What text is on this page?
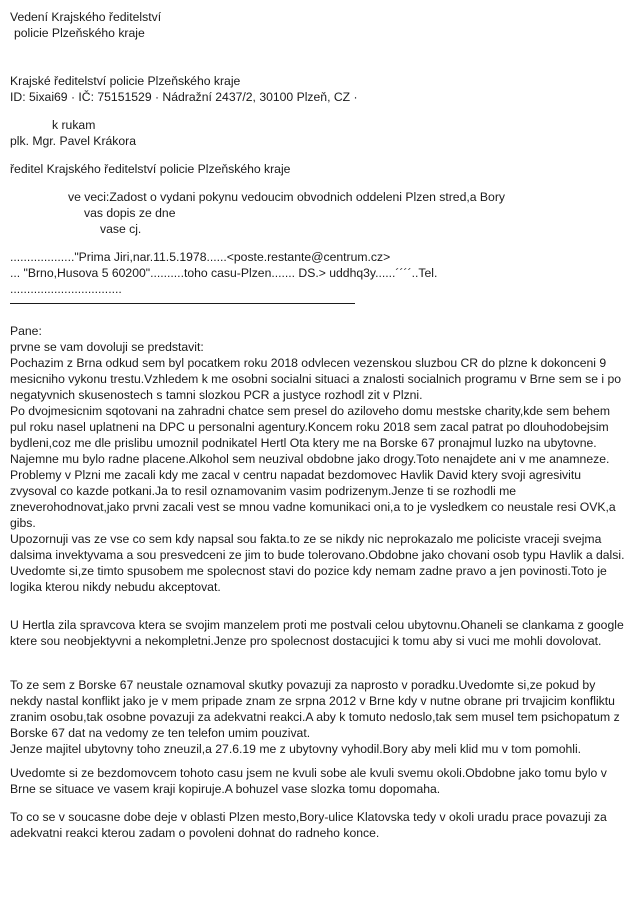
Vedení Krajského ředitelství
policie Plzeňského kraje
Krajské ředitelství policie Plzeňského kraje
ID: 5ixai69 · IČ: 75151529 · Nádražní 2437/2, 30100 Plzeň, CZ ·
k rukam
plk. Mgr. Pavel Krákora
ředitel Krajského ředitelství policie Plzeňského kraje
ve veci:Zadost o vydani pokynu vedoucim obvodnich oddeleni Plzen stred,a Bory
vas dopis ze dne
vase cj.
..................."Prima Jiri,nar.11.5.1978......<poste.restante@centrum.cz>
... "Brno,Husova 5 60200"..........toho casu-Plzen....... DS.> uddhq3y......´´´´..Tel.
.................................
Pane:
prvne se vam dovoluji se predstavit:
Pochazim z Brna odkud sem byl pocatkem roku 2018 odvlecen vezenskou sluzbou CR do plzne k dokonceni 9 mesicniho vykonu trestu.Vzhledem k me osobni socialni situaci a znalosti socialnich programu v Brne sem se i po negatyvnich skusenostech s tamni slozkou PCR a justyce rozhodl zit v Plzni.
Po dvojmesicnim sqotovani na zahradni chatce sem presel do aziloveho domu mestske charity,kde sem behem pul roku nasel uplatneni na DPC u personalni agentury.Koncem roku 2018 sem zacal patrat po dlouhodobejsim bydleni,coz me dle prislibu umoznil podnikatel Hertl Ota ktery me na Borske 67 pronajmul luzko na ubytovne.
Najemne mu bylo radne placene.Alkohol sem neuzival obdobne jako drogy.Toto nenajdete ani v me anamneze.
Problemy v Plzni me zacali kdy me zacal v centru napadat bezdomovec Havlik David ktery svoji agresivitu zvysoval co kazde potkani.Ja to resil oznamovanim vasim podrizenym.Jenze ti se rozhodli me zneverohodnovat,jako prvni zacali vest se mnou vadne komunikaci oni,a to je vysledkem co neustale resi OVK,a gibs.
Upozornuji vas ze vse co sem kdy napsal sou fakta.to ze se nikdy nic neprokazalo me policiste vraceji svejma dalsima invektyvama a sou presvedceni ze jim to bude tolerovano.Obdobne jako chovani osob typu Havlik a dalsi.
Uvedomte si,ze timto spusobem me spolecnost stavi do pozice kdy nemam zadne pravo a jen povinosti.Toto je logika kterou nikdy nebudu akceptovat.
U Hertla zila spravcova ktera se svojim manzelem proti me postvali celou ubytovnu.Ohaneli se clankama z google ktere sou neobjektyvni a nekompletni.Jenze pro spolecnost dostacujici k tomu aby si vuci me mohli dovolovat.
To ze sem z Borske 67 neustale oznamoval skutky povazuji za naprosto v poradku.Uvedomte si,ze pokud by nekdy nastal konflikt jako je v mem pripade znam ze srpna 2012 v Brne kdy v nutne obrane pri trvajicim konfliktu zranim osobu,tak osobne povazuji za adekvatni reakci.A aby k tomuto nedoslo,tak sem musel tem psichopatum z Borske 67 dat na vedomy ze ten telefon umim pouzivat.
Jenze majitel ubytovny toho zneuzil,a 27.6.19 me z ubytovny vyhodil.Bory aby meli klid mu v tom pomohli.
Uvedomte si ze bezdomovcem tohoto casu jsem ne kvuli sobe ale kvuli svemu okoli.Obdobne jako tomu bylo v Brne se situace ve vasem kraji kopiruje.A bohuzel vase slozka tomu dopomaha.
To co se v soucasne dobe deje v oblasti Plzen mesto,Bory-ulice Klatovska tedy v okoli uradu prace povazuji za adekvatni reakci kterou zadam o povoleni dohnat do radneho konce.
